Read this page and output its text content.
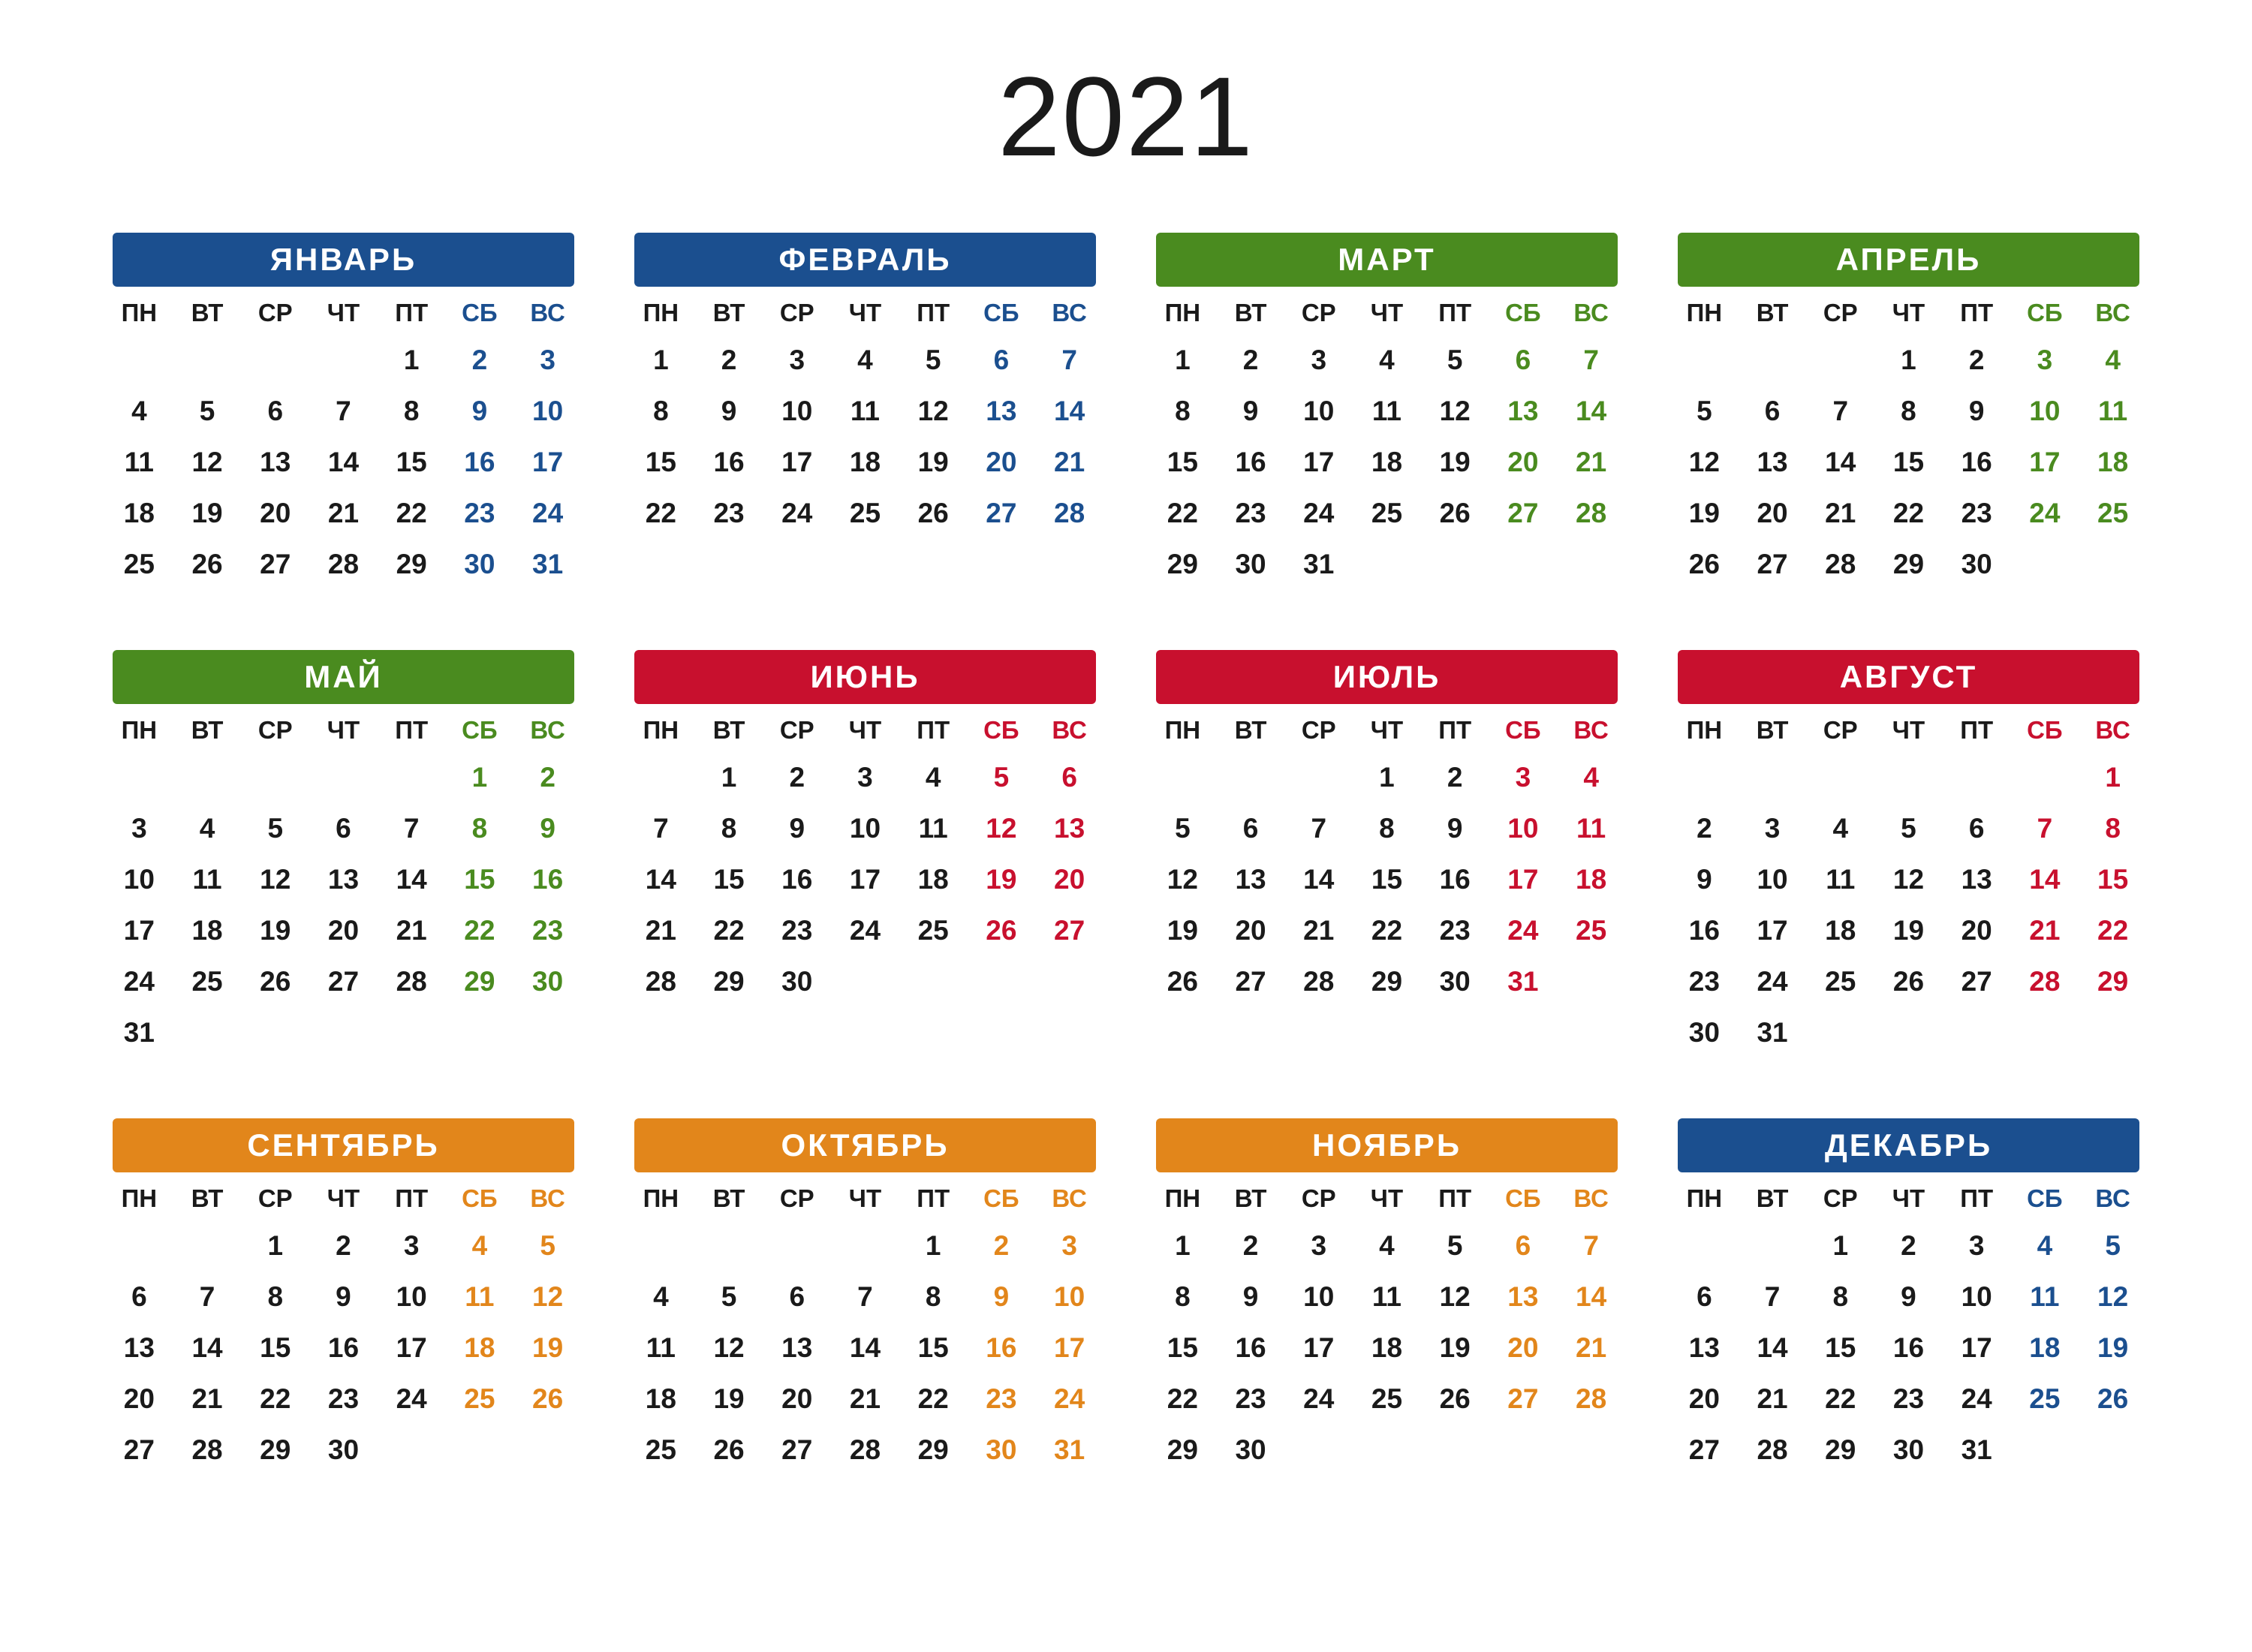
2021
ЯНВАРЬ
ПН	ВТ	СР	ЧТ	ПТ	СБ	ВС
				1	2	3
4	5	6	7	8	9	10
11	12	13	14	15	16	17
18	19	20	21	22	23	24
25	26	27	28	29	30	31
ФЕВРАЛЬ
ПН	ВТ	СР	ЧТ	ПТ	СБ	ВС
1	2	3	4	5	6	7
8	9	10	11	12	13	14
15	16	17	18	19	20	21
22	23	24	25	26	27	28
МАРТ
ПН	ВТ	СР	ЧТ	ПТ	СБ	ВС
1	2	3	4	5	6	7
8	9	10	11	12	13	14
15	16	17	18	19	20	21
22	23	24	25	26	27	28
29	30	31				
АПРЕЛЬ
ПН	ВТ	СР	ЧТ	ПТ	СБ	ВС
			1	2	3	4
5	6	7	8	9	10	11
12	13	14	15	16	17	18
19	20	21	22	23	24	25
26	27	28	29	30		
МАЙ
ПН	ВТ	СР	ЧТ	ПТ	СБ	ВС
					1	2
3	4	5	6	7	8	9
10	11	12	13	14	15	16
17	18	19	20	21	22	23
24	25	26	27	28	29	30
31						
ИЮНЬ
ПН	ВТ	СР	ЧТ	ПТ	СБ	ВС
	1	2	3	4	5	6
7	8	9	10	11	12	13
14	15	16	17	18	19	20
21	22	23	24	25	26	27
28	29	30				
ИЮЛЬ
ПН	ВТ	СР	ЧТ	ПТ	СБ	ВС
			1	2	3	4
5	6	7	8	9	10	11
12	13	14	15	16	17	18
19	20	21	22	23	24	25
26	27	28	29	30	31	
АВГУСТ
ПН	ВТ	СР	ЧТ	ПТ	СБ	ВС
						1
2	3	4	5	6	7	8
9	10	11	12	13	14	15
16	17	18	19	20	21	22
23	24	25	26	27	28	29
30	31					
СЕНТЯБРЬ
ПН	ВТ	СР	ЧТ	ПТ	СБ	ВС
		1	2	3	4	5
6	7	8	9	10	11	12
13	14	15	16	17	18	19
20	21	22	23	24	25	26
27	28	29	30			
ОКТЯБРЬ
ПН	ВТ	СР	ЧТ	ПТ	СБ	ВС
				1	2	3
4	5	6	7	8	9	10
11	12	13	14	15	16	17
18	19	20	21	22	23	24
25	26	27	28	29	30	31
НОЯБРЬ
ПН	ВТ	СР	ЧТ	ПТ	СБ	ВС
1	2	3	4	5	6	7
8	9	10	11	12	13	14
15	16	17	18	19	20	21
22	23	24	25	26	27	28
29	30					
ДЕКАБРЬ
ПН	ВТ	СР	ЧТ	ПТ	СБ	ВС
		1	2	3	4	5
6	7	8	9	10	11	12
13	14	15	16	17	18	19
20	21	22	23	24	25	26
27	28	29	30	31		
